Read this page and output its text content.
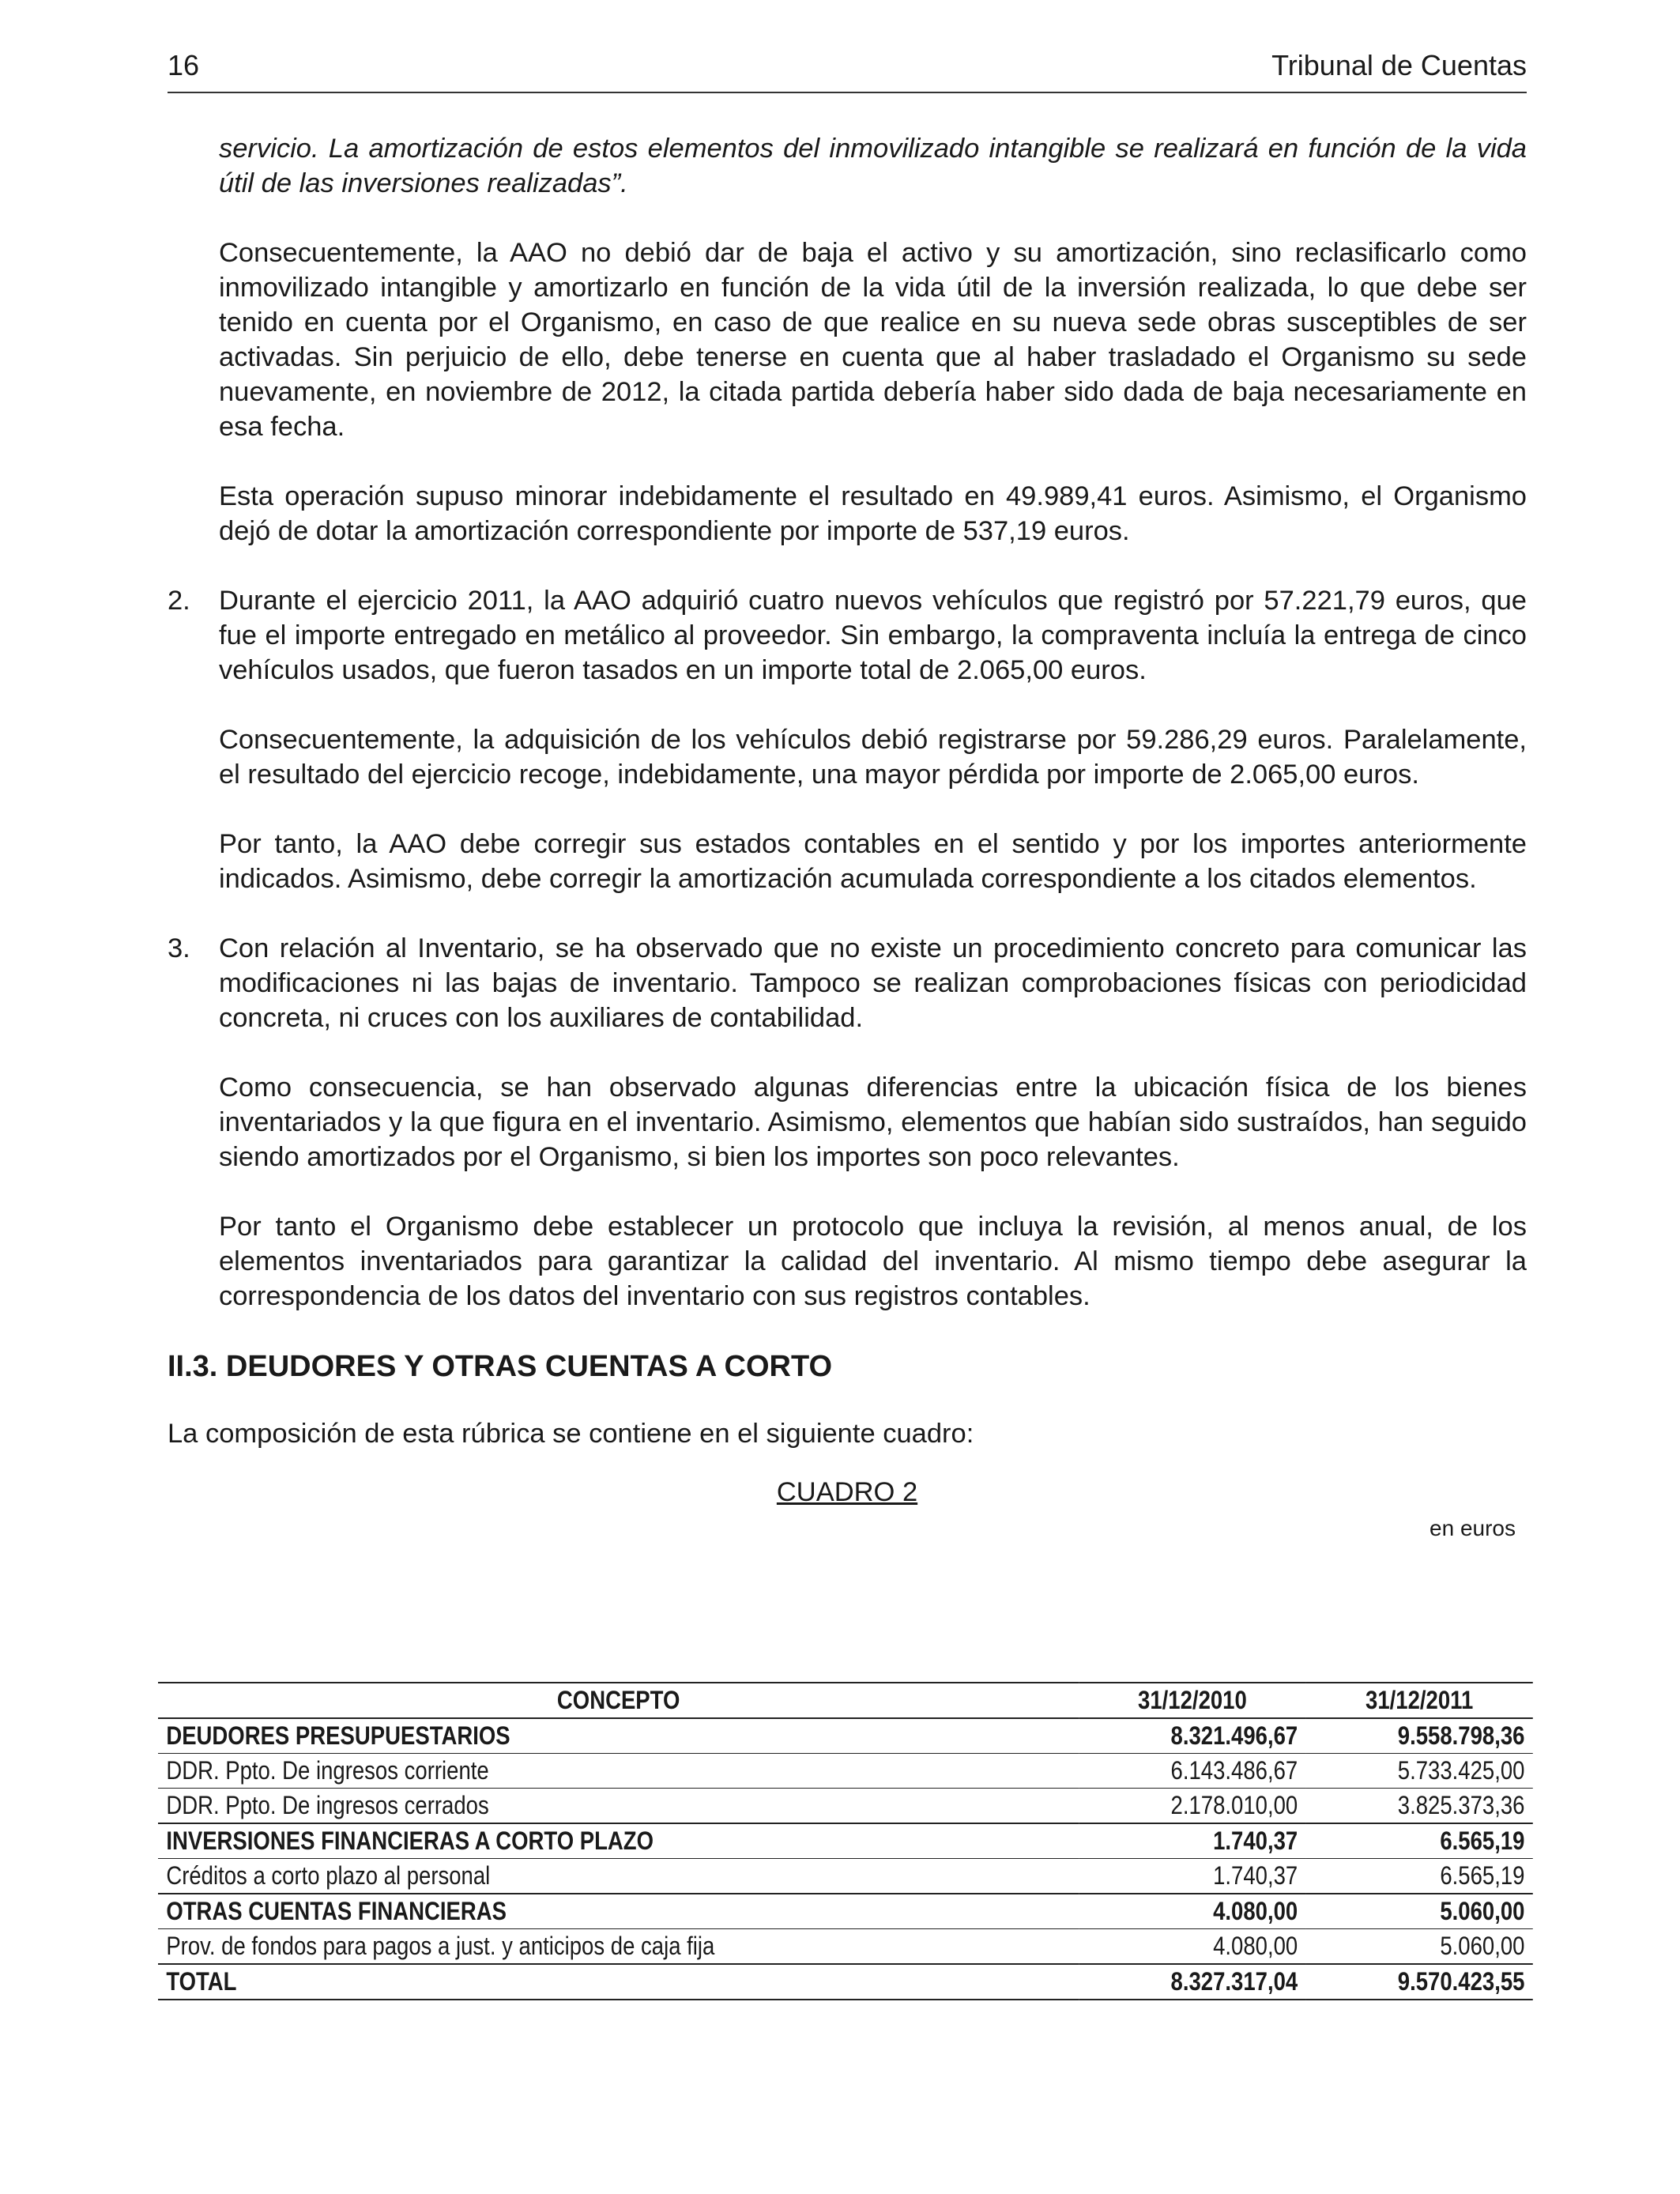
16	Tribunal de Cuentas

servicio. La amortización de estos elementos del inmovilizado intangible se realizará en función de la vida útil de las inversiones realizadas”.

Consecuentemente, la AAO no debió dar de baja el activo y su amortización, sino reclasificarlo como inmovilizado intangible y amortizarlo en función de la vida útil de la inversión realizada, lo que debe ser tenido en cuenta por el Organismo, en caso de que realice en su nueva sede obras susceptibles de ser activadas. Sin perjuicio de ello, debe tenerse en cuenta que al haber trasladado el Organismo su sede nuevamente, en noviembre de 2012, la citada partida debería haber sido dada de baja necesariamente en esa fecha.

Esta operación supuso minorar indebidamente el resultado en 49.989,41 euros. Asimismo, el Organismo dejó de dotar la amortización correspondiente por importe de 537,19 euros.

2. Durante el ejercicio 2011, la AAO adquirió cuatro nuevos vehículos que registró por 57.221,79 euros, que fue el importe entregado en metálico al proveedor. Sin embargo, la compraventa incluía la entrega de cinco vehículos usados, que fueron tasados en un importe total de 2.065,00 euros.

Consecuentemente, la adquisición de los vehículos debió registrarse por 59.286,29 euros. Paralelamente, el resultado del ejercicio recoge, indebidamente, una mayor pérdida por importe de 2.065,00 euros.

Por tanto, la AAO debe corregir sus estados contables en el sentido y por los importes anteriormente indicados. Asimismo, debe corregir la amortización acumulada correspondiente a los citados elementos.

3. Con relación al Inventario, se ha observado que no existe un procedimiento concreto para comunicar las modificaciones ni las bajas de inventario. Tampoco se realizan comprobaciones físicas con periodicidad concreta, ni cruces con los auxiliares de contabilidad.

Como consecuencia, se han observado algunas diferencias entre la ubicación física de los bienes inventariados y la que figura en el inventario. Asimismo, elementos que habían sido sustraídos, han seguido siendo amortizados por el Organismo, si bien los importes son poco relevantes.

Por tanto el Organismo debe establecer un protocolo que incluya la revisión, al menos anual, de los elementos inventariados para garantizar la calidad del inventario. Al mismo tiempo debe asegurar la correspondencia de los datos del inventario con sus registros contables.

II.3. DEUDORES Y OTRAS CUENTAS A CORTO

La composición de esta rúbrica se contiene en el siguiente cuadro:

CUADRO 2
en euros
CONCEPTO	31/12/2010	31/12/2011
DEUDORES PRESUPUESTARIOS	8.321.496,67	9.558.798,36
DDR. Ppto. De ingresos corriente	6.143.486,67	5.733.425,00
DDR. Ppto. De ingresos cerrados	2.178.010,00	3.825.373,36
INVERSIONES FINANCIERAS A CORTO PLAZO	1.740,37	6.565,19
Créditos a corto plazo al personal	1.740,37	6.565,19
OTRAS CUENTAS FINANCIERAS	4.080,00	5.060,00
Prov. de fondos para pagos a just. y anticipos de caja fija	4.080,00	5.060,00
TOTAL	8.327.317,04	9.570.423,55
